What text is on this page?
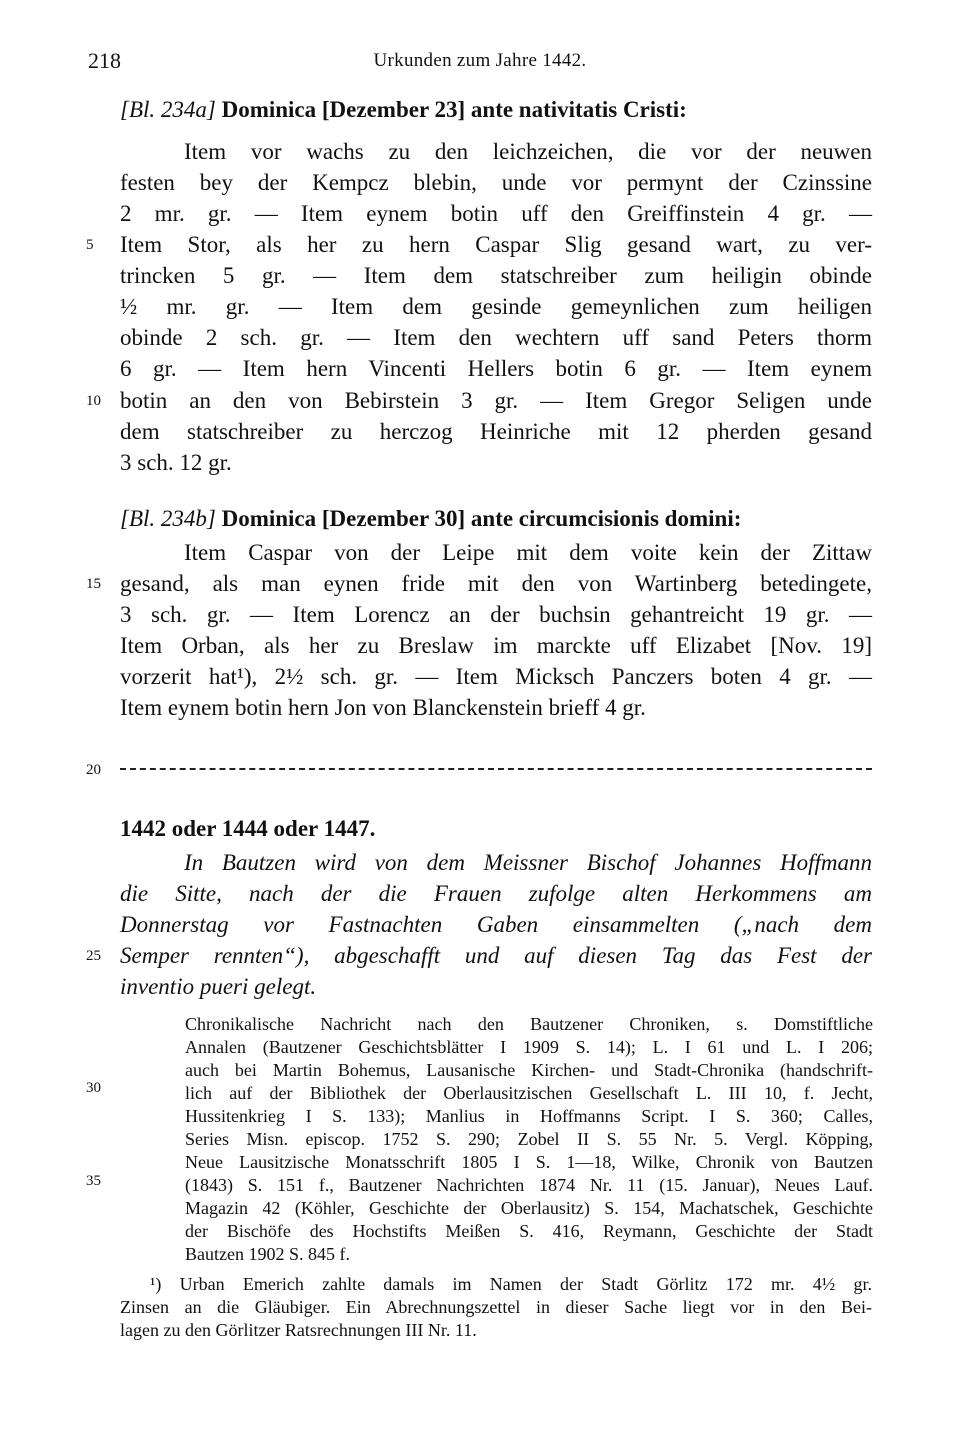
218	Urkunden zum Jahre 1442.
[Bl. 234a] Dominica [Dezember 23] ante nativitatis Cristi:
Item vor wachs zu den leichzeichen, die vor der neuwen
festen bey der Kempcz blebin, unde vor permynt der Czinssine
2 mr. gr. — Item eynem botin uff den Greiffinstein 4 gr. —
5	Item Stor, als her zu hern Caspar Slig gesand wart, zu ver-
trincken 5 gr. — Item dem statschreiber zum heiligin obinde
½ mr. gr. — Item dem gesinde gemeynlichen zum heiligen
obinde 2 sch. gr. — Item den wechtern uff sand Peters thorm
6 gr. — Item hern Vincenti Hellers botin 6 gr. — Item eynem
10 botin an den von Bebirstein 3 gr. — Item Gregor Seligen unde
dem statschreiber zu herczog Heinriche mit 12 pherden gesand
3 sch. 12 gr.
[Bl. 234b] Dominica [Dezember 30] ante circumcisionis domini:
Item Caspar von der Leipe mit dem voite kein der Zittaw
15 gesand, als man eynen fride mit den von Wartinberg betedingete,
3 sch. gr. — Item Lorencz an der buchsin gehantreicht 19 gr. —
Item Orban, als her zu Breslaw im marckte uff Elizabet [Nov. 19]
vorzerit hat¹), 2½ sch. gr. — Item Micksch Panczers boten 4 gr. —
Item eynem botin hern Jon von Blanckenstein brieff 4 gr.
20
1442 oder 1444 oder 1447.
In Bautzen wird von dem Meissner Bischof Johannes Hoffmann
die Sitte, nach der die Frauen zufolge alten Herkommens am
Donnerstag vor Fastnachten Gaben einsammelten („nach dem
25 Semper rennten“), abgeschafft und auf diesen Tag das Fest der
inventio pueri gelegt.
Chronikalische Nachricht nach den Bautzener Chroniken, s. Domstiftliche
Annalen (Bautzener Geschichtsblätter I 1909 S. 14); L. I 61 und L. I 206;
auch bei Martin Bohemus, Lausanische Kirchen- und Stadt-Chronika (handschrift-
30	lich auf der Bibliothek der Oberlausitzischen Gesellschaft L. III 10, f. Jecht,
Hussitenkrieg I S. 133); Manlius in Hoffmanns Script. I S. 360; Calles,
Series Misn. episcop. 1752 S. 290; Zobel II S. 55 Nr. 5. Vergl. Köpping,
Neue Lausitzische Monatsschrift 1805 I S. 1—18, Wilke, Chronik von Bautzen
35	(1843) S. 151 f., Bautzener Nachrichten 1874 Nr. 11 (15. Januar), Neues Lauf.
Magazin 42 (Köhler, Geschichte der Oberlausitz) S. 154, Machatschek, Geschichte
der Bischöfe des Hochstifts Meißen S. 416, Reymann, Geschichte der Stadt
Bautzen 1902 S. 845 f.
¹) Urban Emerich zahlte damals im Namen der Stadt Görlitz 172 mr. 4½ gr.
Zinsen an die Gläubiger. Ein Abrechnungszettel in dieser Sache liegt vor in den Bei-
lagen zu den Görlitzer Ratsrechnungen III Nr. 11.
